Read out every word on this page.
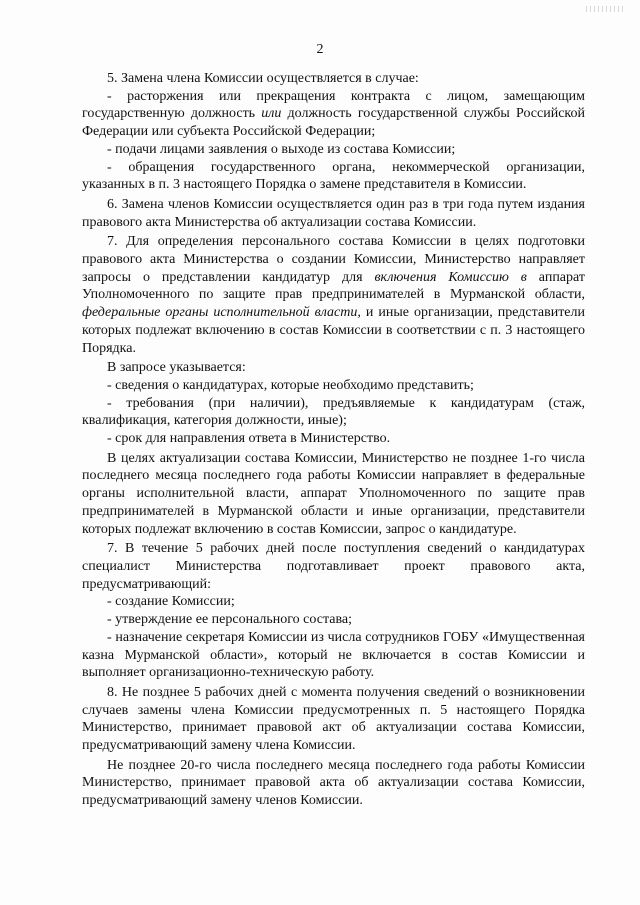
2

5. Замена члена Комиссии осуществляется в случае:

- расторжения или прекращения контракта с лицом, замещающим государственную должность или должность государственной службы Российской Федерации или субъекта Российской Федерации;

- подачи лицами заявления о выходе из состава Комиссии;

- обращения государственного органа, некоммерческой организации, указанных в п. 3 настоящего Порядка о замене представителя в Комиссии.

6. Замена членов Комиссии осуществляется один раз в три года путем издания правового акта Министерства об актуализации состава Комиссии.

7. Для определения персонального состава Комиссии в целях подготовки правового акта Министерства о создании Комиссии, Министерство направляет запросы о представлении кандидатур для включения Комиссию в аппарат Уполномоченного по защите прав предпринимателей в Мурманской области, федеральные органы исполнительной власти, и иные организации, представители которых подлежат включению в состав Комиссии в соответствии с п. 3 настоящего Порядка.

В запросе указывается:

- сведения о кандидатурах, которые необходимо представить;

- требования (при наличии), предъявляемые к кандидатурам (стаж, квалификация, категория должности, иные);

- срок для направления ответа в Министерство.

В целях актуализации состава Комиссии, Министерство не позднее 1-го числа последнего месяца последнего года работы Комиссии направляет в федеральные органы исполнительной власти, аппарат Уполномоченного по защите прав предпринимателей в Мурманской области и иные организации, представители которых подлежат включению в состав Комиссии, запрос о кандидатуре.

7. В течение 5 рабочих дней после поступления сведений о кандидатурах специалист Министерства подготавливает проект правового акта, предусматривающий:

- создание Комиссии;

- утверждение ее персонального состава;

- назначение секретаря Комиссии из числа сотрудников ГОБУ «Имущественная казна Мурманской области», который не включается в состав Комиссии и выполняет организационно-техническую работу.

8. Не позднее 5 рабочих дней с момента получения сведений о возникновении случаев замены члена Комиссии предусмотренных п. 5 настоящего Порядка Министерство, принимает правовой акт об актуализации состава Комиссии, предусматривающий замену члена Комиссии.

Не позднее 20-го числа последнего месяца последнего года работы Комиссии Министерство, принимает правовой акта об актуализации состава Комиссии, предусматривающий замену членов Комиссии.
